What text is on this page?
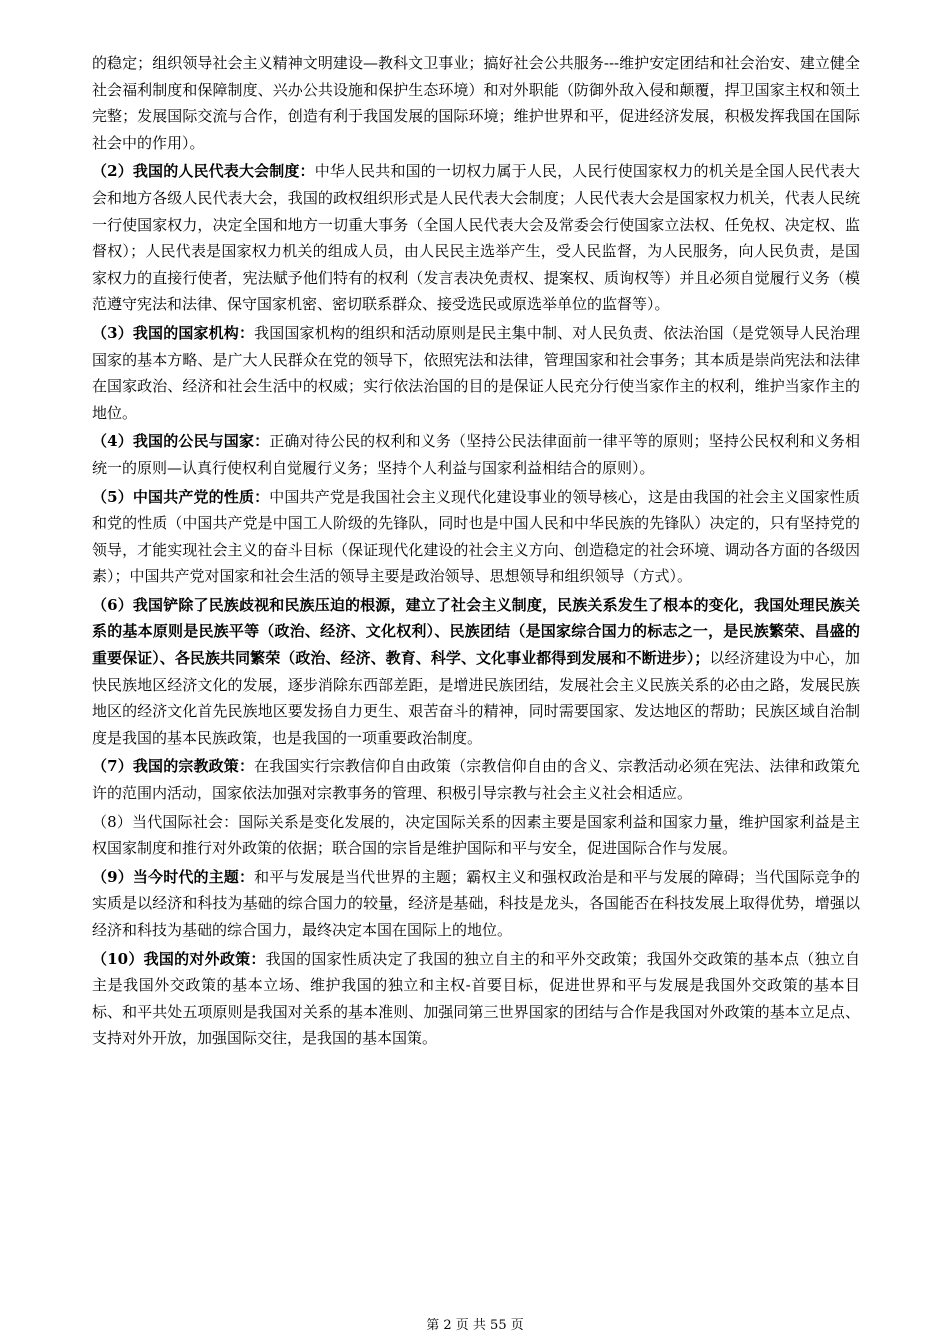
的稳定；组织领导社会主义精神文明建设—教科文卫事业；搞好社会公共服务---维护安定团结和社会治安、建立健全社会福利制度和保障制度、兴办公共设施和保护生态环境）和对外职能（防御外敌入侵和颠覆，捍卫国家主权和领土完整；发展国际交流与合作，创造有利于我国发展的国际环境；维护世界和平，促进经济发展，积极发挥我国在国际社会中的作用）。

（2）我国的人民代表大会制度：中华人民共和国的一切权力属于人民，人民行使国家权力的机关是全国人民代表大会和地方各级人民代表大会，我国的政权组织形式是人民代表大会制度；人民代表大会是国家权力机关，代表人民统一行使国家权力，决定全国和地方一切重大事务（全国人民代表大会及常委会行使国家立法权、任免权、决定权、监督权）；人民代表是国家权力机关的组成人员，由人民民主选举产生，受人民监督，为人民服务，向人民负责，是国家权力的直接行使者，宪法赋予他们特有的权利（发言表决免责权、提案权、质询权等）并且必须自觉履行义务（模范遵守宪法和法律、保守国家机密、密切联系群众、接受选民或原选举单位的监督等）。

（3）我国的国家机构：我国国家机构的组织和活动原则是民主集中制、对人民负责、依法治国（是党领导人民治理国家的基本方略、是广大人民群众在党的领导下，依照宪法和法律，管理国家和社会事务；其本质是崇尚宪法和法律在国家政治、经济和社会生活中的权威；实行依法治国的目的是保证人民充分行使当家作主的权利，维护当家作主的地位。

（4）我国的公民与国家：正确对待公民的权利和义务（坚持公民法律面前一律平等的原则；坚持公民权利和义务相统一的原则—认真行使权利自觉履行义务；坚持个人利益与国家利益相结合的原则）。

（5）中国共产党的性质：中国共产党是我国社会主义现代化建设事业的领导核心，这是由我国的社会主义国家性质和党的性质（中国共产党是中国工人阶级的先锋队，同时也是中国人民和中华民族的先锋队）决定的，只有坚持党的领导，才能实现社会主义的奋斗目标（保证现代化建设的社会主义方向、创造稳定的社会环境、调动各方面的各级因素）；中国共产党对国家和社会生活的领导主要是政治领导、思想领导和组织领导（方式）。

（6）我国铲除了民族歧视和民族压迫的根源，建立了社会主义制度，民族关系发生了根本的变化，我国处理民族关系的基本原则是民族平等（政治、经济、文化权利）、民族团结（是国家综合国力的标志之一，是民族繁荣、昌盛的重要保证）、各民族共同繁荣（政治、经济、教育、科学、文化事业都得到发展和不断进步）；以经济建设为中心，加快民族地区经济文化的发展，逐步消除东西部差距，是增进民族团结，发展社会主义民族关系的必由之路，发展民族地区的经济文化首先民族地区要发扬自力更生、艰苦奋斗的精神，同时需要国家、发达地区的帮助；民族区域自治制度是我国的基本民族政策，也是我国的一项重要政治制度。

（7）我国的宗教政策：在我国实行宗教信仰自由政策（宗教信仰自由的含义、宗教活动必须在宪法、法律和政策允许的范围内活动，国家依法加强对宗教事务的管理、积极引导宗教与社会主义社会相适应。

（8）当代国际社会：国际关系是变化发展的，决定国际关系的因素主要是国家利益和国家力量，维护国家利益是主权国家制度和推行对外政策的依据；联合国的宗旨是维护国际和平与安全，促进国际合作与发展。

（9）当今时代的主题：和平与发展是当代世界的主题；霸权主义和强权政治是和平与发展的障碍；当代国际竞争的实质是以经济和科技为基础的综合国力的较量，经济是基础，科技是龙头，各国能否在科技发展上取得优势，增强以经济和科技为基础的综合国力，最终决定本国在国际上的地位。

（10）我国的对外政策：我国的国家性质决定了我国的独立自主的和平外交政策；我国外交政策的基本点（独立自主是我国外交政策的基本立场、维护我国的独立和主权-首要目标，促进世界和平与发展是我国外交政策的基本目标、和平共处五项原则是我国对关系的基本准则、加强同第三世界国家的团结与合作是我国对外政策的基本立足点、支持对外开放，加强国际交往，是我国的基本国策。

第 2 页 共 55 页
